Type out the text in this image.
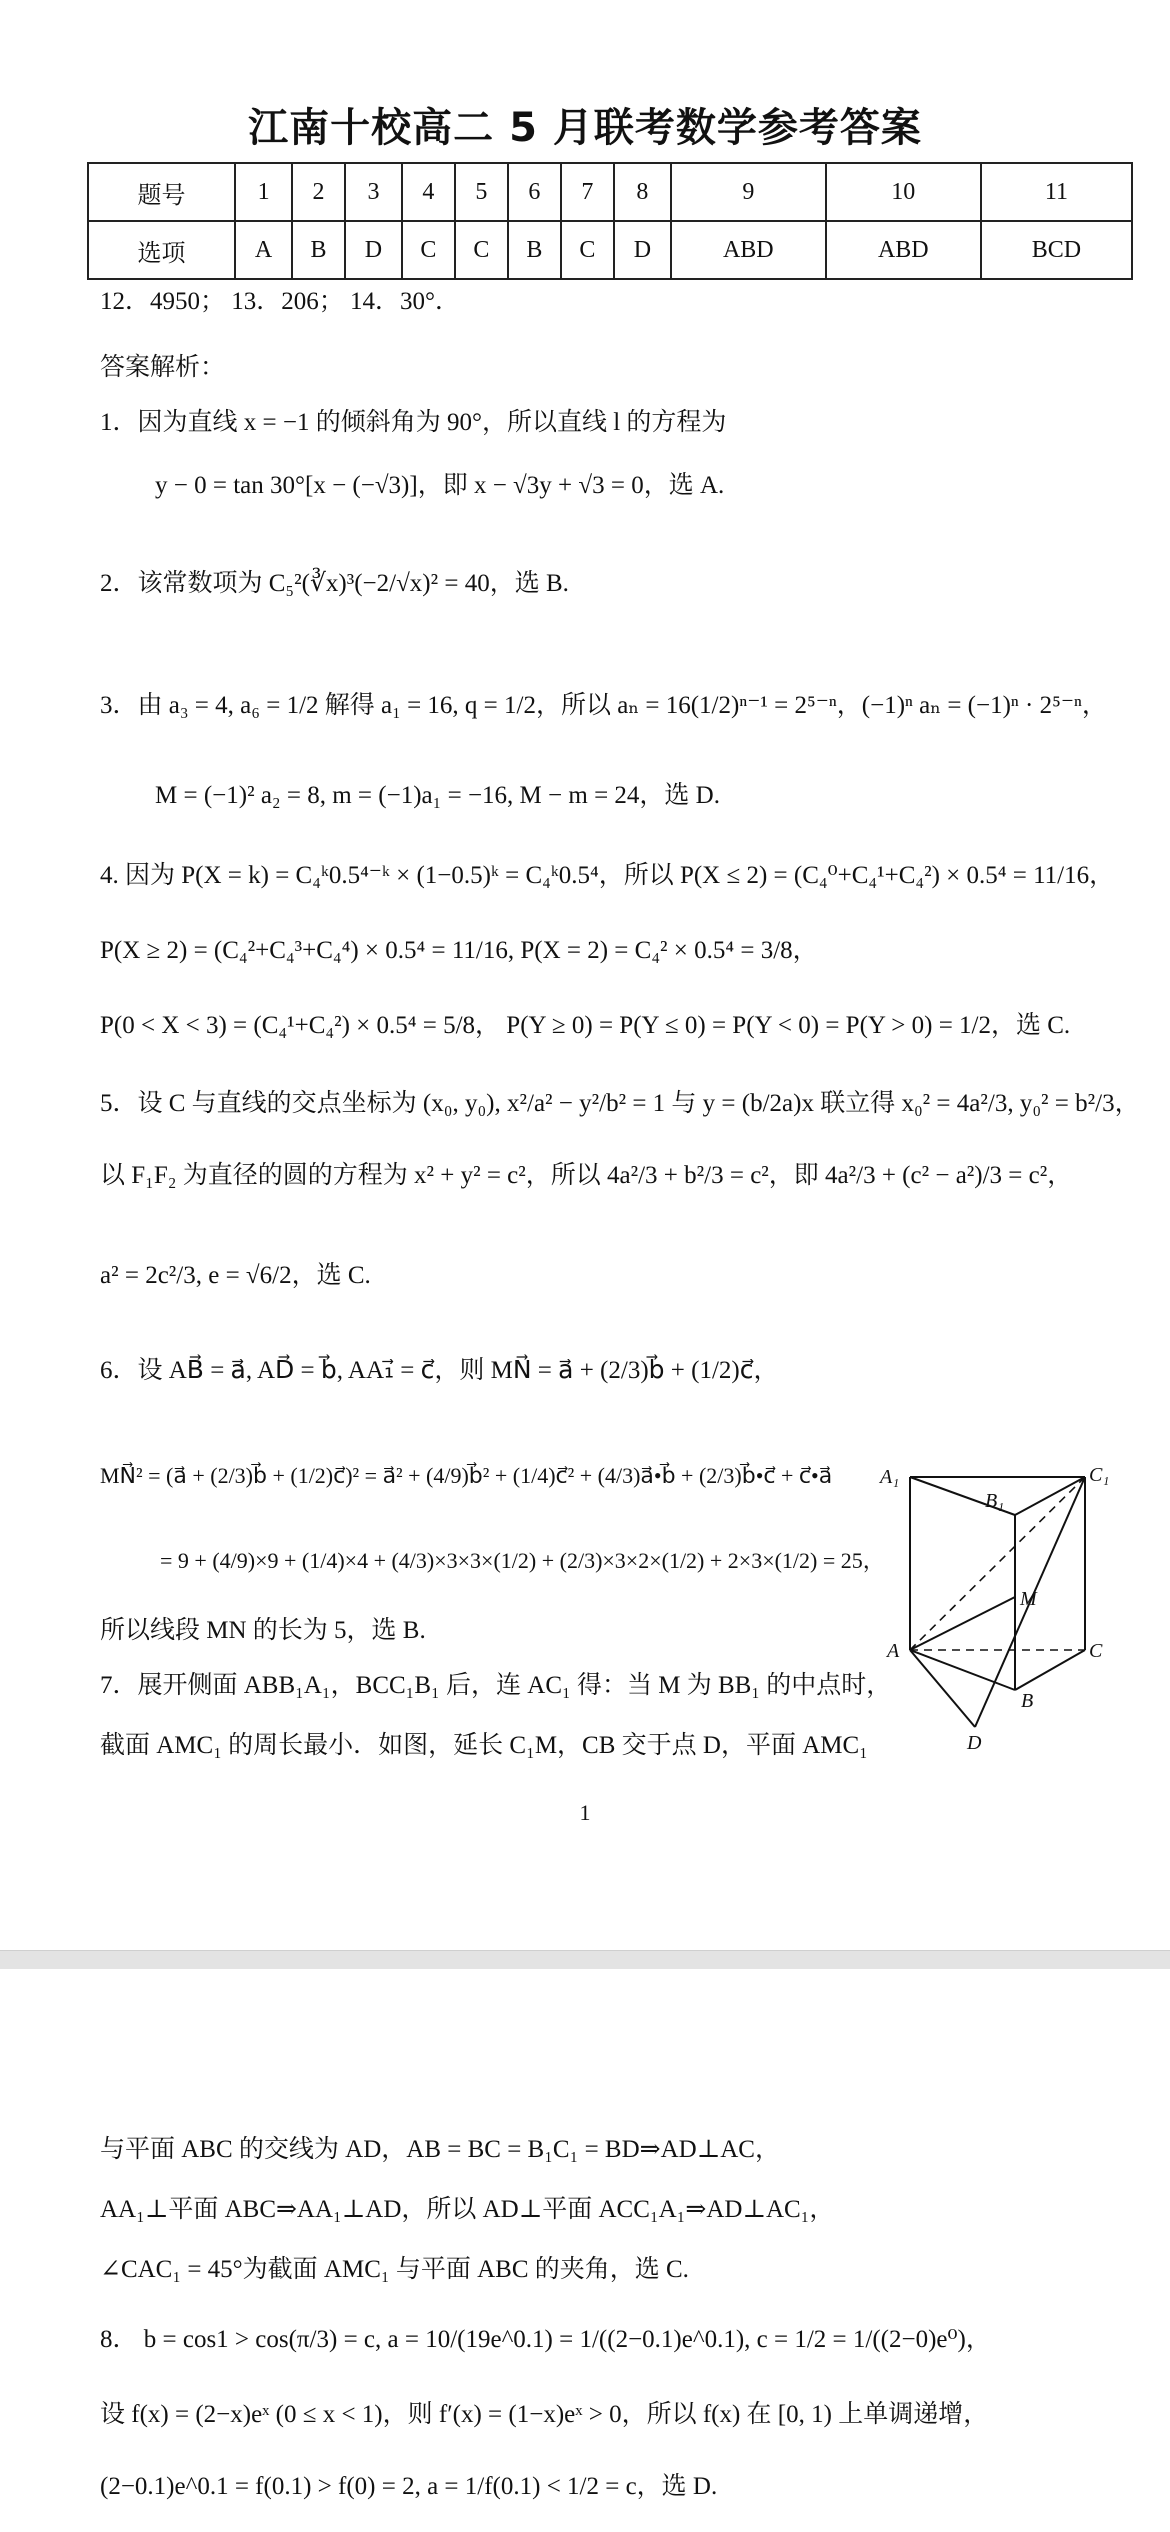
江南十校高二 5 月联考数学参考答案
题号	1	2	3	4	5	6	7	8	9	10	11
选项	A	B	D	C	C	B	C	D	ABD	ABD	BCD
12．4950； 13．206； 14．30°．
答案解析：
1．因为直线 x = −1 的倾斜角为 90°，所以直线 l 的方程为
y − 0 = tan 30°[x − (−√3)]，即 x − √3y + √3 = 0，选 A.
2．该常数项为 C₅²(∛x)³(−2/√x)² = 40，选 B.
3．由 a₃ = 4, a₆ = 1/2 解得 a₁ = 16, q = 1/2，所以 aₙ = 16(1/2)ⁿ⁻¹ = 2⁵⁻ⁿ，(−1)ⁿ aₙ = (−1)ⁿ · 2⁵⁻ⁿ，
M = (−1)² a₂ = 8, m = (−1)a₁ = −16, M − m = 24，选 D.
4. 因为 P(X = k) = C₄ᵏ0.5⁴⁻ᵏ × (1−0.5)ᵏ = C₄ᵏ0.5⁴，所以 P(X ≤ 2) = (C₄⁰+C₄¹+C₄²) × 0.5⁴ = 11/16，
P(X ≥ 2) = (C₄²+C₄³+C₄⁴) × 0.5⁴ = 11/16, P(X = 2) = C₄² × 0.5⁴ = 3/8，
P(0 < X < 3) = (C₄¹+C₄²) × 0.5⁴ = 5/8， P(Y ≥ 0) = P(Y ≤ 0) = P(Y < 0) = P(Y > 0) = 1/2，选 C.
5．设 C 与直线的交点坐标为 (x₀, y₀), x²/a² − y²/b² = 1 与 y = (b/2a)x 联立得 x₀² = 4a²/3, y₀² = b²/3，
以 F₁F₂ 为直径的圆的方程为 x² + y² = c²，所以 4a²/3 + b²/3 = c²，即 4a²/3 + (c² − a²)/3 = c²，
a² = 2c²/3, e = √6/2，选 C.
6．设 AB⃗ = a⃗, AD⃗ = b⃗, AA₁⃗ = c⃗，则 MN⃗ = a⃗ + (2/3)b⃗ + (1/2)c⃗，
MN⃗² = (a⃗ + (2/3)b⃗ + (1/2)c⃗)² = a⃗² + (4/9)b⃗² + (1/4)c⃗² + (4/3)a⃗•b⃗ + (2/3)b⃗•c⃗ + c⃗•a⃗
= 9 + (4/9)×9 + (1/4)×4 + (4/3)×3×3×(1/2) + (2/3)×3×2×(1/2) + 2×3×(1/2) = 25，
所以线段 MN 的长为 5，选 B.
7．展开侧面 ABB₁A₁，BCC₁B₁ 后，连 AC₁ 得：当 M 为 BB₁ 的中点时，
截面 AMC₁ 的周长最小．如图，延长 C₁M，CB 交于点 D，平面 AMC₁
A₁	C₁
B₁
M
A	C
B
D
1
与平面 ABC 的交线为 AD，AB = BC = B₁C₁ = BD⇒AD⊥AC，
AA₁⊥平面 ABC⇒AA₁⊥AD，所以 AD⊥平面 ACC₁A₁⇒AD⊥AC₁，
∠CAC₁ = 45°为截面 AMC₁ 与平面 ABC 的夹角，选 C.
8． b = cos1 > cos(π/3) = c, a = 10/(19e^0.1) = 1/((2−0.1)e^0.1), c = 1/2 = 1/((2−0)e⁰)，
设 f(x) = (2−x)eˣ (0 ≤ x < 1)，则 f′(x) = (1−x)eˣ > 0，所以 f(x) 在 [0, 1) 上单调递增，
(2−0.1)e^0.1 = f(0.1) > f(0) = 2, a = 1/f(0.1) < 1/2 = c，选 D.
